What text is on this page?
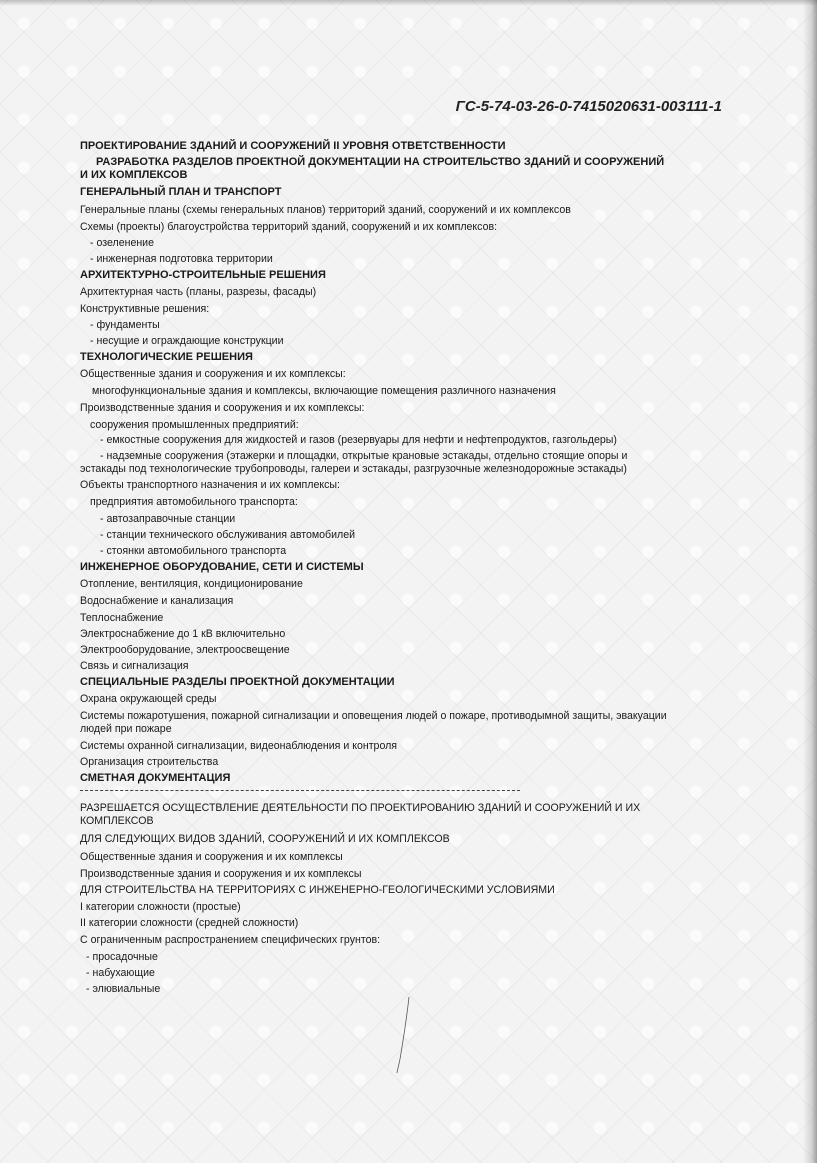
ГС-5-74-03-26-0-7415020631-003111-1
ПРОЕКТИРОВАНИЕ ЗДАНИЙ И СООРУЖЕНИЙ II УРОВНЯ ОТВЕТСТВЕННОСТИ
РАЗРАБОТКА РАЗДЕЛОВ ПРОЕКТНОЙ ДОКУМЕНТАЦИИ НА СТРОИТЕЛЬСТВО ЗДАНИЙ И СООРУЖЕНИЙ И ИХ КОМПЛЕКСОВ
ГЕНЕРАЛЬНЫЙ ПЛАН И ТРАНСПОРТ
Генеральные планы (схемы генеральных планов) территорий зданий, сооружений и их комплексов
Схемы (проекты) благоустройства территорий зданий, сооружений и их комплексов:
- озеленение
- инженерная подготовка территории
АРХИТЕКТУРНО-СТРОИТЕЛЬНЫЕ РЕШЕНИЯ
Архитектурная часть (планы, разрезы, фасады)
Конструктивные решения:
- фундаменты
- несущие и ограждающие конструкции
ТЕХНОЛОГИЧЕСКИЕ РЕШЕНИЯ
Общественные здания и сооружения и их комплексы:
многофункциональные здания и комплексы, включающие помещения различного назначения
Производственные здания и сооружения и их комплексы:
сооружения промышленных предприятий:
- емкостные сооружения для жидкостей и газов (резервуары для нефти и нефтепродуктов, газгольдеры)
- надземные сооружения (этажерки и площадки, открытые крановые эстакады, отдельно стоящие опоры и эстакады под технологические трубопроводы, галереи и эстакады, разгрузочные железнодорожные эстакады)
Объекты транспортного назначения и их комплексы:
предприятия автомобильного транспорта:
- автозаправочные станции
- станции технического обслуживания автомобилей
- стоянки автомобильного транспорта
ИНЖЕНЕРНОЕ ОБОРУДОВАНИЕ, СЕТИ И СИСТЕМЫ
Отопление, вентиляция, кондиционирование
Водоснабжение и канализация
Теплоснабжение
Электроснабжение до 1 кВ включительно
Электрооборудование, электроосвещение
Связь и сигнализация
СПЕЦИАЛЬНЫЕ РАЗДЕЛЫ ПРОЕКТНОЙ ДОКУМЕНТАЦИИ
Охрана окружающей среды
Системы пожаротушения, пожарной сигнализации и оповещения людей о пожаре, противодымной защиты, эвакуации людей при пожаре
Системы охранной сигнализации, видеонаблюдения и контроля
Организация строительства
СМЕТНАЯ ДОКУМЕНТАЦИЯ
РАЗРЕШАЕТСЯ ОСУЩЕСТВЛЕНИЕ ДЕЯТЕЛЬНОСТИ ПО ПРОЕКТИРОВАНИЮ ЗДАНИЙ И СООРУЖЕНИЙ И ИХ КОМПЛЕКСОВ
ДЛЯ СЛЕДУЮЩИХ ВИДОВ ЗДАНИЙ, СООРУЖЕНИЙ И ИХ КОМПЛЕКСОВ
Общественные здания и сооружения и их комплексы
Производственные здания и сооружения и их комплексы
ДЛЯ СТРОИТЕЛЬСТВА НА ТЕРРИТОРИЯХ С ИНЖЕНЕРНО-ГЕОЛОГИЧЕСКИМИ УСЛОВИЯМИ
I категории сложности (простые)
II категории сложности (средней сложности)
С ограниченным распространением специфических грунтов:
- просадочные
- набухающие
- элювиальные
